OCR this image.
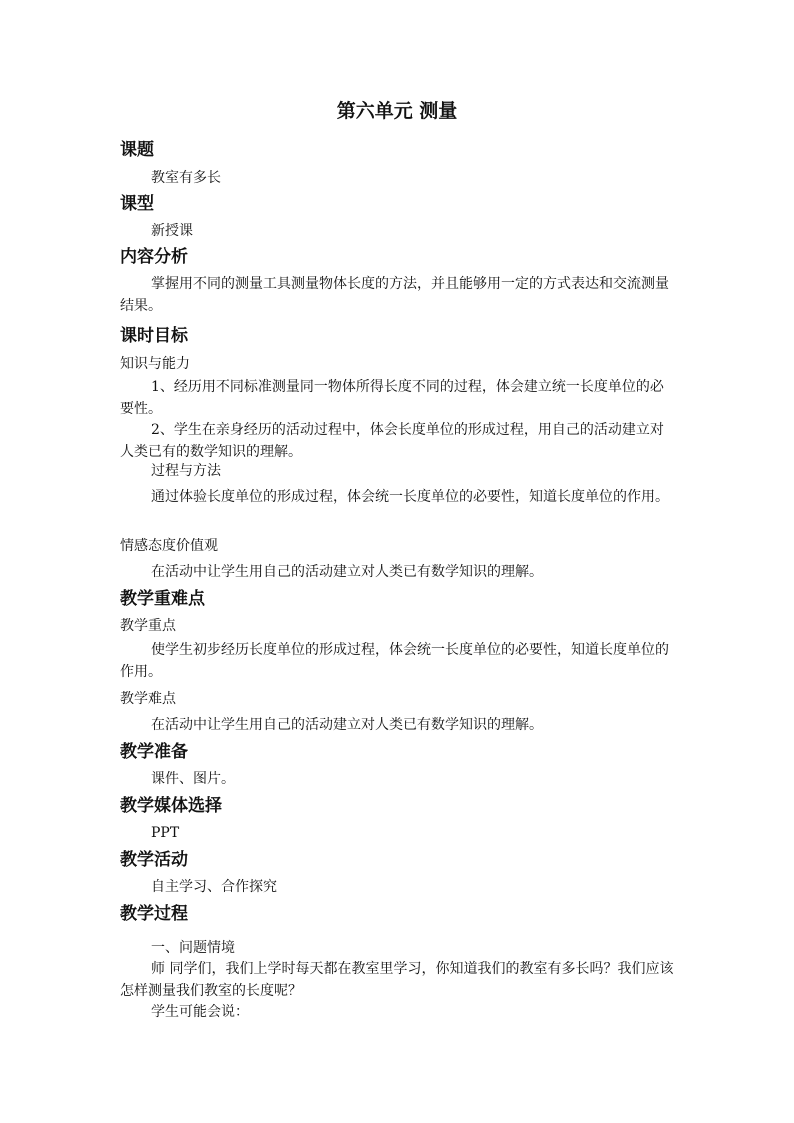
第六单元 测量
课题
教室有多长
课型
新授课
内容分析
掌握用不同的测量工具测量物体长度的方法，并且能够用一定的方式表达和交流测量结果。
课时目标
知识与能力
1、经历用不同标准测量同一物体所得长度不同的过程，体会建立统一长度单位的必要性。
2、学生在亲身经历的活动过程中，体会长度单位的形成过程，用自己的活动建立对人类已有的数学知识的理解。
过程与方法
通过体验长度单位的形成过程，体会统一长度单位的必要性，知道长度单位的作用。
情感态度价值观
在活动中让学生用自己的活动建立对人类已有数学知识的理解。
教学重难点
教学重点
使学生初步经历长度单位的形成过程，体会统一长度单位的必要性，知道长度单位的作用。
教学难点
在活动中让学生用自己的活动建立对人类已有数学知识的理解。
教学准备
课件、图片。
教学媒体选择
PPT
教学活动
自主学习、合作探究
教学过程
一、问题情境
师 同学们，我们上学时每天都在教室里学习，你知道我们的教室有多长吗？我们应该怎样测量我们教室的长度呢？
学生可能会说：
